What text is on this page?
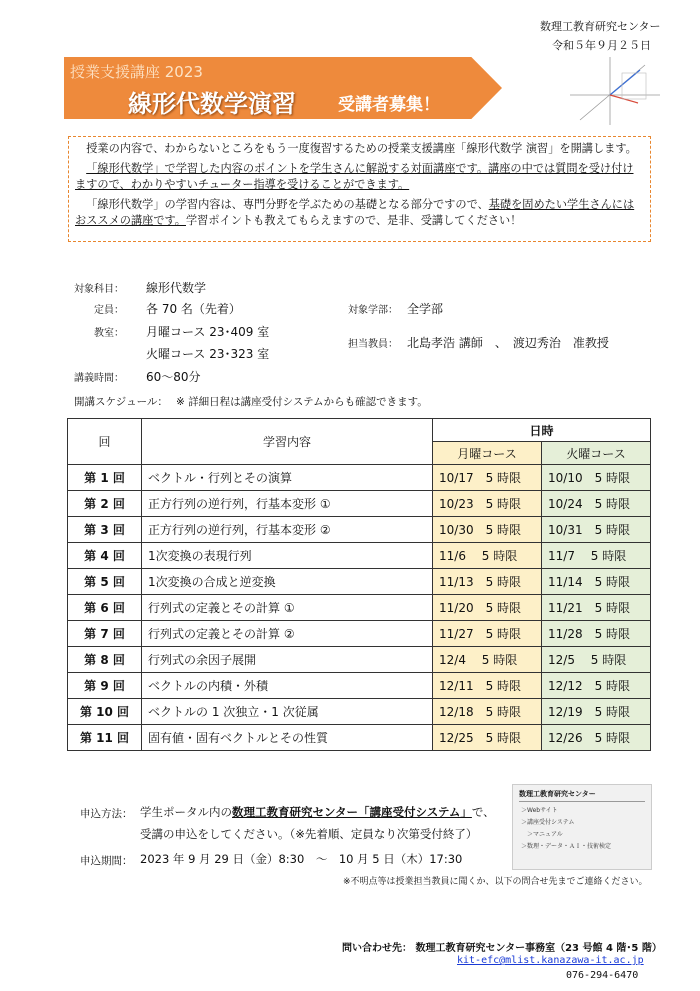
数理工教育研究センター
令和５年９月２５日
授業支援講座 2023
線形代数学演習 受講者募集！

授業の内容で、わからないところをもう一度復習するための授業支援講座「線形代数学 演習」を開講します。

「線形代数学」で学習した内容のポイントを学生さんに解説する対面講座です。講座の中では質問を受け付けますので、わかりやすいチューター指導を受けることができます。

「線形代数学」の学習内容は、専門分野を学ぶための基礎となる部分ですので、基礎を固めたい学生さんにはおススメの講座です。学習ポイントも教えてもらえますので、是非、受講してください！

対象科目： 線形代数学
定員： 各 70 名（先着）
教室： 月曜コース 23･409 室
火曜コース 23･323 室
講義時間： 60～80分
対象学部： 全学部
担当教員： 北島孝浩 講師　、　渡辺秀治　准教授
開講スケジュール： ※ 詳細日程は講座受付システムからも確認できます。
回	学習内容	日時	
		月曜コース	火曜コース
第 1 回	ベクトル・行列とその演算	10/17　5 時限	10/10　5 時限
第 2 回	正方行列の逆行列，行基本変形 ①	10/23　5 時限	10/24　5 時限
第 3 回	正方行列の逆行列，行基本変形 ②	10/30　5 時限	10/31　5 時限
第 4 回	1次変換の表現行列	11/6　 5 時限	11/7　 5 時限
第 5 回	1次変換の合成と逆変換	11/13　5 時限	11/14　5 時限
第 6 回	行列式の定義とその計算 ①	11/20　5 時限	11/21　5 時限
第 7 回	行列式の定義とその計算 ②	11/27　5 時限	11/28　5 時限
第 8 回	行列式の余因子展開	12/4　 5 時限	12/5　 5 時限
第 9 回	ベクトルの内積・外積	12/11　5 時限	12/12　5 時限
第 10 回	ベクトルの 1 次独立・1 次従属	12/18　5 時限	12/19　5 時限
第 11 回	固有値・固有ベクトルとその性質	12/25　5 時限	12/26　5 時限
申込方法： 学生ポータル内の数理工教育研究センター「講座受付システム」で、
受講の申込をしてください。（※先着順、定員なり次第受付終了）
申込期間： 2023 年 9 月 29 日（金）8:30　～　10 月 5 日（木）17:30
※不明点等は授業担当教員に聞くか、以下の問合せ先までご連絡ください。
数理工教育研究センター
＞Webサイト
＞講座受付システム
　＞マニュアル
＞数理・データ・ＡＩ・技術検定
問い合わせ先： 数理工教育研究センター事務室（23 号館 4 階･5 階）
kit-efc@mlist.kanazawa-it.ac.jp
076-294-6470
